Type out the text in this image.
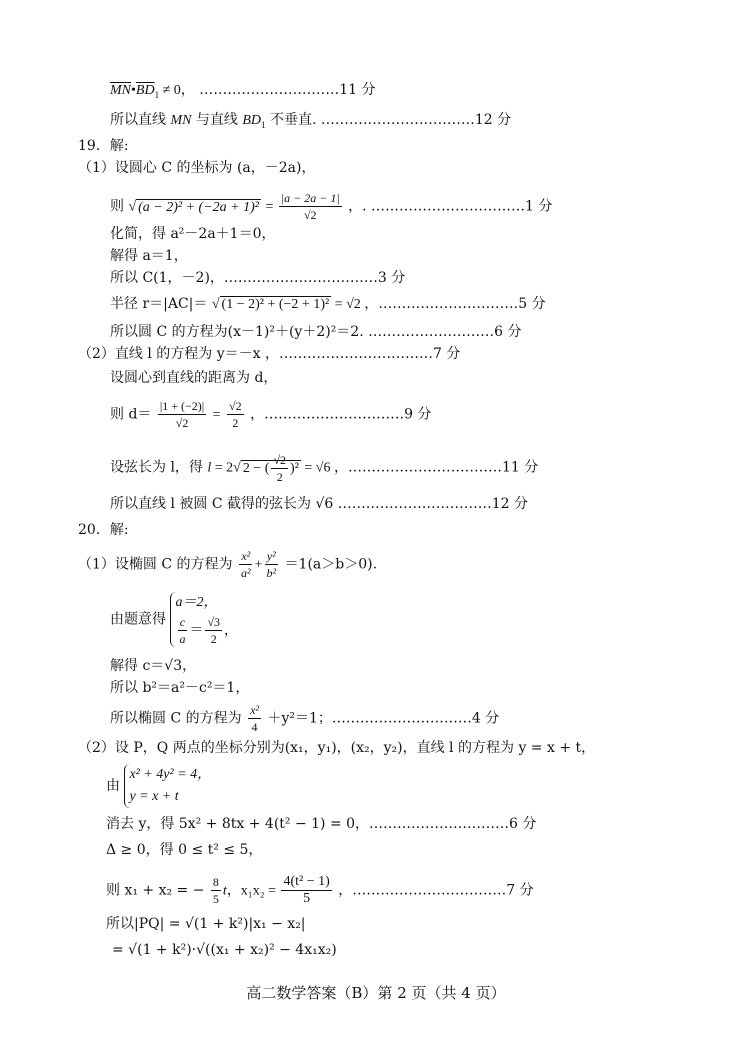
$\overline{MN}•\overline{BD}_1 \ne 0$， …………………………11 分
所以直线 MN 与直线 $BD_1$ 不垂直. ……………………………12 分
19．解:
（1）设圆心 C 的坐标为 (a，－2a)，
则 √ $(a - 2)^2 + (-2a + 1)^2 = \frac{|a - 2a - 1|}{√2}$ ，. ……………………………1 分
化简，得 a²－2a＋1＝0，
解得 a＝1，
所以 C(1，－2)，……………………………3 分
半径 r＝|AC|＝ √ (1 − 2)² + (−2 + 1)² = √2 ，…………………………5 分
所以圆 C 的方程为(x－1)²＋(y＋2)²＝2. ………………………6 分
（2）直线 l 的方程为 y＝－x ，……………………………7 分
设圆心到直线的距离为 d，
则 $d= \frac{|1 + (-2)|}{√2} = \frac{√2}{2}$ ，…………………………9 分
设弦长为 l，得 l = 2√ 2 − ( $\frac{√2}{2} )^2 = √6$ ，……………………………11 分
所以直线 l 被圆 C 截得的弦长为 √6 ……………………………12 分
20．解:
（1）设椭圆 C 的方程为 $\frac{\text{x²}}{\text{a²}} + \frac{\text{y²}}{\text{b²}} =1(a>b>0)$.
由题意得
a＝2，
$\frac{c}{a} = \frac{√3}{2}$ ，
解得 c＝√3，
所以 b²＝a²－c²＝1，
所以椭圆 C 的方程为 $\frac{\text{x²}}{4} +y^2=1$；…………………………4 分
（2）设 P，Q 两点的坐标分别为(x₁，y₁)，(x₂，y₂)，直线 l 的方程为 y = x + t，
由
x² + 4y² = 4，
y = x + t
消去 y，得 5x² + 8tx + 4(t² − 1) = 0，…………………………6 分
Δ ≥ 0，得 0 ≤ t² ≤ 5，
则 x₁ + x₂ = − $\frac{8}{5}$ t，$x_1x_2 = \frac{\text{4(t² − 1)}}{5}$ ，……………………………7 分
所以|PQ| = √(1 + k²)|x₁ − x₂|
= √(1 + k²)·√((x₁ + x₂)² − 4x₁x₂)
高二数学答案（B）第 2 页（共 4 页）
